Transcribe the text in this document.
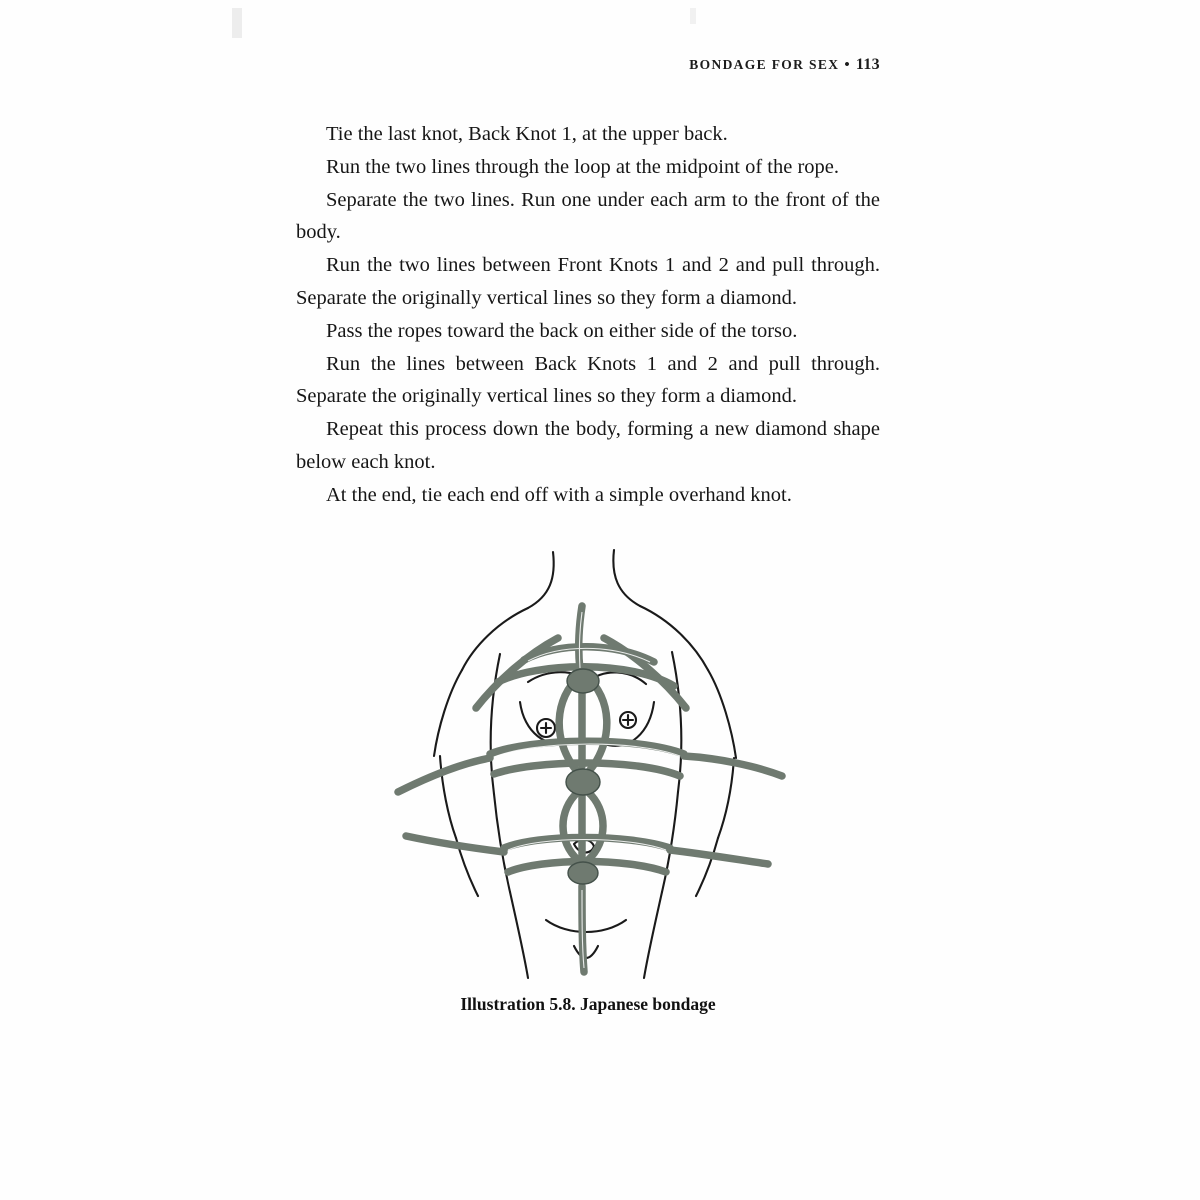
BONDAGE FOR SEX • 113

Tie the last knot, Back Knot 1, at the upper back.

Run the two lines through the loop at the midpoint of the rope.

Separate the two lines. Run one under each arm to the front of the body.

Run the two lines between Front Knots 1 and 2 and pull through. Separate the originally vertical lines so they form a diamond.

Pass the ropes toward the back on either side of the torso.

Run the lines between Back Knots 1 and 2 and pull through. Separate the originally vertical lines so they form a diamond.

Repeat this process down the body, forming a new diamond shape below each knot.

At the end, tie each end off with a simple overhand knot.

Illustration 5.8. Japanese bondage
